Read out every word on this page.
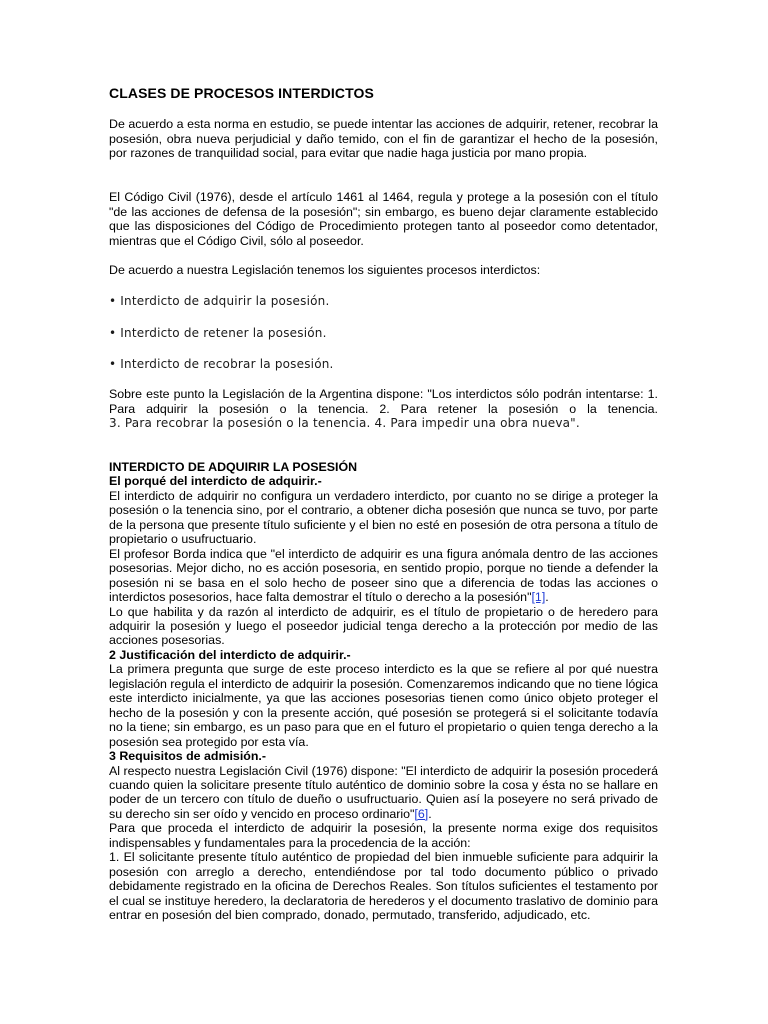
CLASES DE PROCESOS INTERDICTOS

De acuerdo a esta norma en estudio, se puede intentar las acciones de adquirir, retener, recobrar la posesión, obra nueva perjudicial y daño temido, con el fin de garantizar el hecho de la posesión, por razones de tranquilidad social, para evitar que nadie haga justicia por mano propia.

El Código Civil (1976), desde el artículo 1461 al 1464, regula y protege a la posesión con el título "de las acciones de defensa de la posesión"; sin embargo, es bueno dejar claramente establecido que las disposiciones del Código de Procedimiento protegen tanto al poseedor como detentador, mientras que el Código Civil, sólo al poseedor.

De acuerdo a nuestra Legislación tenemos los siguientes procesos interdictos:

• Interdicto de adquirir la posesión.
• Interdicto de retener la posesión.
• Interdicto de recobrar la posesión.

Sobre este punto la Legislación de la Argentina dispone: "Los interdictos sólo podrán intentarse: 1. Para adquirir la posesión o la tenencia. 2. Para retener la posesión o la tenencia. 3. Para recobrar la posesión o la tenencia. 4. Para impedir una obra nueva".

INTERDICTO DE ADQUIRIR LA POSESIÓN

El porqué del interdicto de adquirir.-

El interdicto de adquirir no configura un verdadero interdicto, por cuanto no se dirige a proteger la posesión o la tenencia sino, por el contrario, a obtener dicha posesión que nunca se tuvo, por parte de la persona que presente título suficiente y el bien no esté en posesión de otra persona a título de propietario o usufructuario.

El profesor Borda indica que "el interdicto de adquirir es una figura anómala dentro de las acciones posesorias. Mejor dicho, no es acción posesoria, en sentido propio, porque no tiende a defender la posesión ni se basa en el solo hecho de poseer sino que a diferencia de todas las acciones o interdictos posesorios, hace falta demostrar el título o derecho a la posesión"[1].

Lo que habilita y da razón al interdicto de adquirir, es el título de propietario o de heredero para adquirir la posesión y luego el poseedor judicial tenga derecho a la protección por medio de las acciones posesorias.

2 Justificación del interdicto de adquirir.-

La primera pregunta que surge de este proceso interdicto es la que se refiere al por qué nuestra legislación regula el interdicto de adquirir la posesión. Comenzaremos indicando que no tiene lógica este interdicto inicialmente, ya que las acciones posesorias tienen como único objeto proteger el hecho de la posesión y con la presente acción, qué posesión se protegerá si el solicitante todavía no la tiene; sin embargo, es un paso para que en el futuro el propietario o quien tenga derecho a la posesión sea protegido por esta vía.

3 Requisitos de admisión.-

Al respecto nuestra Legislación Civil (1976) dispone: "El interdicto de adquirir la posesión procederá cuando quien la solicitare presente título auténtico de dominio sobre la cosa y ésta no se hallare en poder de un tercero con título de dueño o usufructuario. Quien así la poseyere no será privado de su derecho sin ser oído y vencido en proceso ordinario"[6].

Para que proceda el interdicto de adquirir la posesión, la presente norma exige dos requisitos indispensables y fundamentales para la procedencia de la acción:

1. El solicitante presente título auténtico de propiedad del bien inmueble suficiente para adquirir la posesión con arreglo a derecho, entendiéndose por tal todo documento público o privado debidamente registrado en la oficina de Derechos Reales. Son títulos suficientes el testamento por el cual se instituye heredero, la declaratoria de herederos y el documento traslativo de dominio para entrar en posesión del bien comprado, donado, permutado, transferido, adjudicado, etc.
